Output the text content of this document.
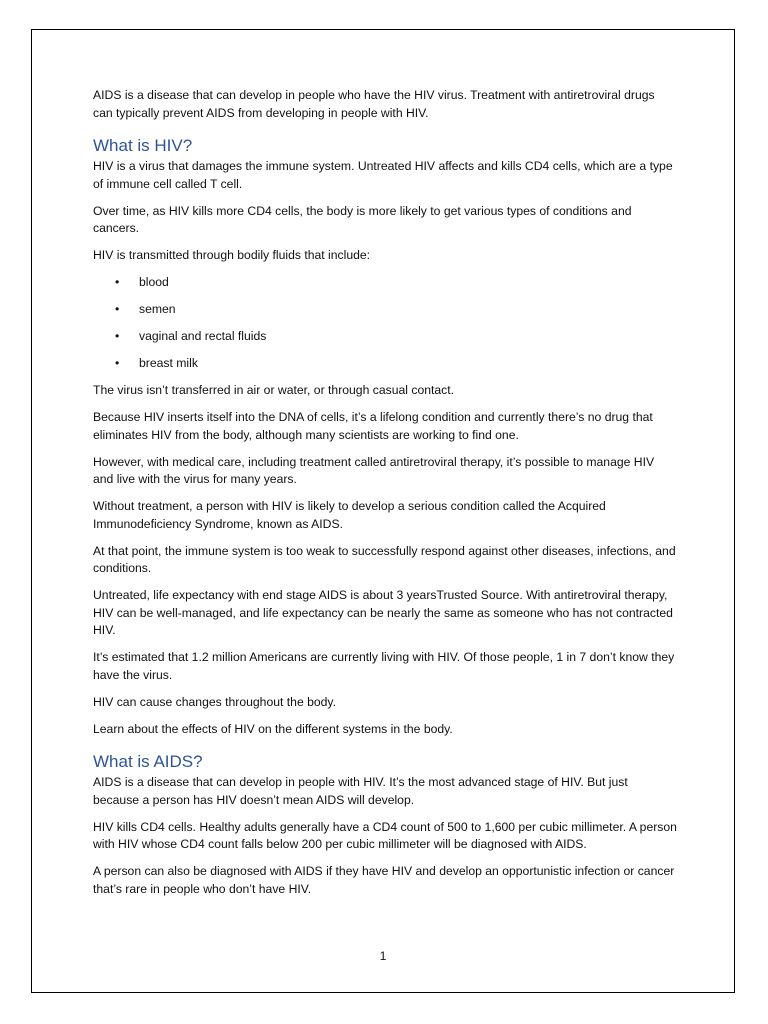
AIDS is a disease that can develop in people who have the HIV virus. Treatment with antiretroviral drugs can typically prevent AIDS from developing in people with HIV.

What is HIV?

HIV is a virus that damages the immune system. Untreated HIV affects and kills CD4 cells, which are a type of immune cell called T cell.

Over time, as HIV kills more CD4 cells, the body is more likely to get various types of conditions and cancers.

HIV is transmitted through bodily fluids that include:

• blood
• semen
• vaginal and rectal fluids
• breast milk

The virus isn’t transferred in air or water, or through casual contact.

Because HIV inserts itself into the DNA of cells, it’s a lifelong condition and currently there’s no drug that eliminates HIV from the body, although many scientists are working to find one.

However, with medical care, including treatment called antiretroviral therapy, it’s possible to manage HIV and live with the virus for many years.

Without treatment, a person with HIV is likely to develop a serious condition called the Acquired Immunodeficiency Syndrome, known as AIDS.

At that point, the immune system is too weak to successfully respond against other diseases, infections, and conditions.

Untreated, life expectancy with end stage AIDS is about 3 yearsTrusted Source. With antiretroviral therapy, HIV can be well-managed, and life expectancy can be nearly the same as someone who has not contracted HIV.

It’s estimated that 1.2 million Americans are currently living with HIV. Of those people, 1 in 7 don’t know they have the virus.

HIV can cause changes throughout the body.

Learn about the effects of HIV on the different systems in the body.

What is AIDS?

AIDS is a disease that can develop in people with HIV. It’s the most advanced stage of HIV. But just because a person has HIV doesn’t mean AIDS will develop.

HIV kills CD4 cells. Healthy adults generally have a CD4 count of 500 to 1,600 per cubic millimeter. A person with HIV whose CD4 count falls below 200 per cubic millimeter will be diagnosed with AIDS.

A person can also be diagnosed with AIDS if they have HIV and develop an opportunistic infection or cancer that’s rare in people who don’t have HIV.

1
